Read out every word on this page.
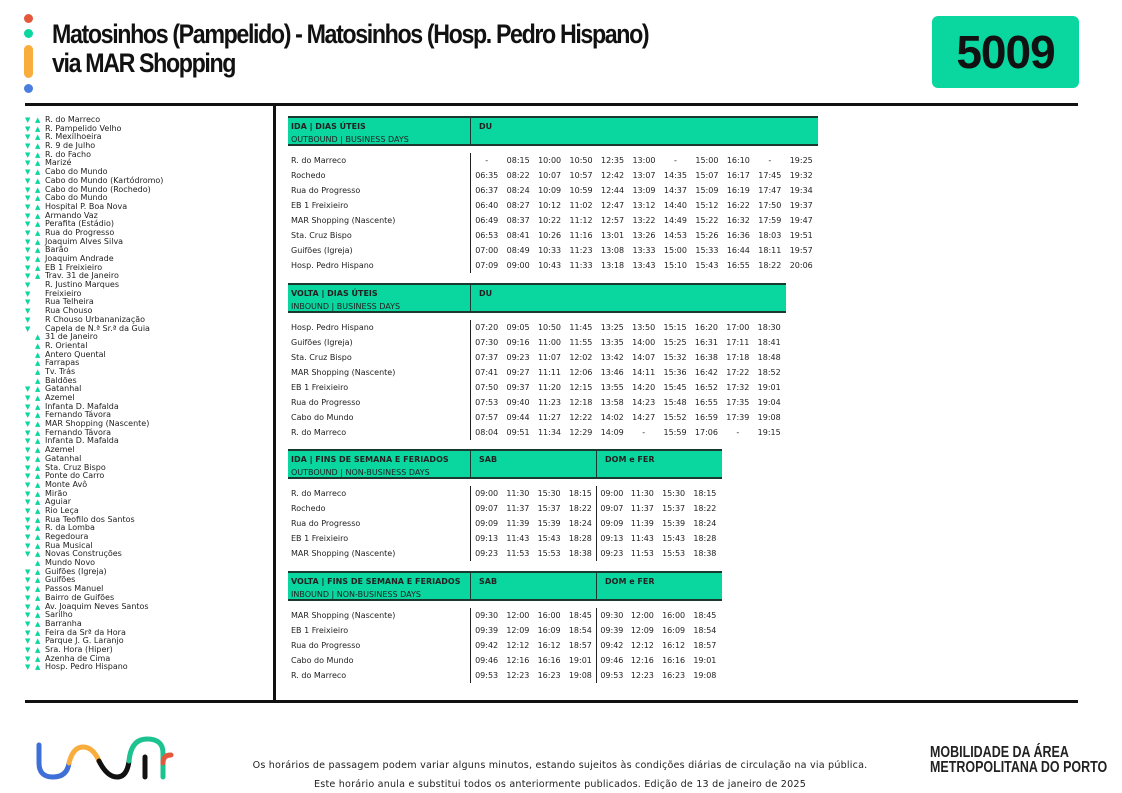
Matosinhos (Pampelido) - Matosinhos (Hosp. Pedro Hispano)
via MAR Shopping	5009
▼ ▲ R. do Marreco
▼ ▲ R. Pampelido Velho
▼ ▲ R. Mexilhoeira
▼ ▲ R. 9 de Julho
▼ ▲ R. do Facho
▼ ▲ Marizé
▼ ▲ Cabo do Mundo
▼ ▲ Cabo do Mundo (Kartódromo)
▼ ▲ Cabo do Mundo (Rochedo)
▼ ▲ Cabo do Mundo
▼ ▲ Hospital P. Boa Nova
▼ ▲ Armando Vaz
▼ ▲ Perafita (Estádio)
▼ ▲ Rua do Progresso
▼ ▲ Joaquim Alves Silva
▼ ▲ Barão
▼ ▲ Joaquim Andrade
▼ ▲ EB 1 Freixieiro
▼ ▲ Trav. 31 de Janeiro
▼	R. Justino Marques
▼	Freixieiro
▼	Rua Telheira
▼	Rua Chouso
▼	R Chouso Urbananização
▼	Capela de N.ª Sr.ª da Guia
▲ 31 de Janeiro
▲ R. Oriental
▲ Antero Quental
▲ Farrapas
▲ Tv. Trás
▲ Baldões
▼ ▲ Gatanhal
▼ ▲ Azemel
▼ ▲ Infanta D. Mafalda
▼ ▲ Fernando Távora
▼ ▲ MAR Shopping (Nascente)
▼ ▲ Fernando Távora
▼ ▲ Infanta D. Mafalda
▼ ▲ Azemel
▼ ▲ Gatanhal
▼ ▲ Sta. Cruz Bispo
▼ ▲ Ponte do Carro
▼ ▲ Monte Avô
▼ ▲ Mirão
▼ ▲ Aguiar
▼ ▲ Rio Leça
▼ ▲ Rua Teofilo dos Santos
▼ ▲ R. da Lomba
▼ ▲ Regedoura
▼ ▲ Rua Musical
▼ ▲ Novas Construções
▲ Mundo Novo
▼ ▲ Guifões (Igreja)
▼ ▲ Guifões
▼ ▲ Passos Manuel
▼ ▲ Bairro de Guifões
▼ ▲ Av. Joaquim Neves Santos
▼ ▲ Sarilho
▼ ▲ Barranha
▼ ▲ Feira da Srª da Hora
▼ ▲ Parque J. G. Laranjo
▼ ▲ Sra. Hora (Hiper)
▼ ▲ Azenha de Cima
▼ ▲ Hosp. Pedro Hispano
IDA | DIAS ÚTEIS
OUTBOUND | BUSINESS DAYS
DU
R. do Marreco	-	08:15	10:00	10:50	12:35	13:00	-	15:00	16:10	-	19:25
Rochedo	06:35	08:22	10:07	10:57	12:42	13:07	14:35	15:07	16:17	17:45	19:32
Rua do Progresso	06:37	08:24	10:09	10:59	12:44	13:09	14:37	15:09	16:19	17:47	19:34
EB 1 Freixieiro	06:40	08:27	10:12	11:02	12:47	13:12	14:40	15:12	16:22	17:50	19:37
MAR Shopping (Nascente)	06:49	08:37	10:22	11:12	12:57	13:22	14:49	15:22	16:32	17:59	19:47
Sta. Cruz Bispo	06:53	08:41	10:26	11:16	13:01	13:26	14:53	15:26	16:36	18:03	19:51
Guifões (Igreja)	07:00	08:49	10:33	11:23	13:08	13:33	15:00	15:33	16:44	18:11	19:57
Hosp. Pedro Hispano	07:09	09:00	10:43	11:33	13:18	13:43	15:10	15:43	16:55	18:22	20:06
VOLTA | DIAS ÚTEIS
INBOUND | BUSINESS DAYS
DU
Hosp. Pedro Hispano	07:20	09:05	10:50	11:45	13:25	13:50	15:15	16:20	17:00	18:30
Guifões (Igreja)	07:30	09:16	11:00	11:55	13:35	14:00	15:25	16:31	17:11	18:41
Sta. Cruz Bispo	07:37	09:23	11:07	12:02	13:42	14:07	15:32	16:38	17:18	18:48
MAR Shopping (Nascente)	07:41	09:27	11:11	12:06	13:46	14:11	15:36	16:42	17:22	18:52
EB 1 Freixieiro	07:50	09:37	11:20	12:15	13:55	14:20	15:45	16:52	17:32	19:01
Rua do Progresso	07:53	09:40	11:23	12:18	13:58	14:23	15:48	16:55	17:35	19:04
Cabo do Mundo	07:57	09:44	11:27	12:22	14:02	14:27	15:52	16:59	17:39	19:08
R. do Marreco	08:04	09:51	11:34	12:29	14:09	-	15:59	17:06	-	19:15
IDA | FINS DE SEMANA E FERIADOS
OUTBOUND | NON-BUSINESS DAYS
SAB	DOM e FER
R. do Marreco	09:00	11:30	15:30	18:15	09:00 11:30	15:30	18:15
Rochedo	09:07	11:37	15:37	18:22	09:07 11:37	15:37	18:22
Rua do Progresso	09:09	11:39	15:39	18:24	09:09 11:39	15:39	18:24
EB 1 Freixieiro	09:13	11:43	15:43	18:28	09:13 11:43	15:43	18:28
MAR Shopping (Nascente)	09:23	11:53	15:53	18:38	09:23 11:53	15:53	18:38
VOLTA | FINS DE SEMANA E FERIADOS
INBOUND | NON-BUSINESS DAYS
SAB	DOM e FER
MAR Shopping (Nascente)	09:30	12:00	16:00	18:45	09:30 12:00	16:00	18:45
EB 1 Freixieiro	09:39	12:09	16:09	18:54	09:39 12:09	16:09	18:54
Rua do Progresso	09:42	12:12	16:12	18:57	09:42 12:12	16:12	18:57
Cabo do Mundo	09:46	12:16	16:16	19:01	09:46 12:16	16:16	19:01
R. do Marreco	09:53	12:23	16:23	19:08	09:53 12:23	16:23	19:08
Os horários de passagem podem variar alguns minutos, estando sujeitos às condições diárias de circulação na via pública.
Este horário anula e substitui todos os anteriormente publicados. Edição de 13 de janeiro de 2025
MOBILIDADE DA ÁREA
METROPOLITANA DO PORTO
